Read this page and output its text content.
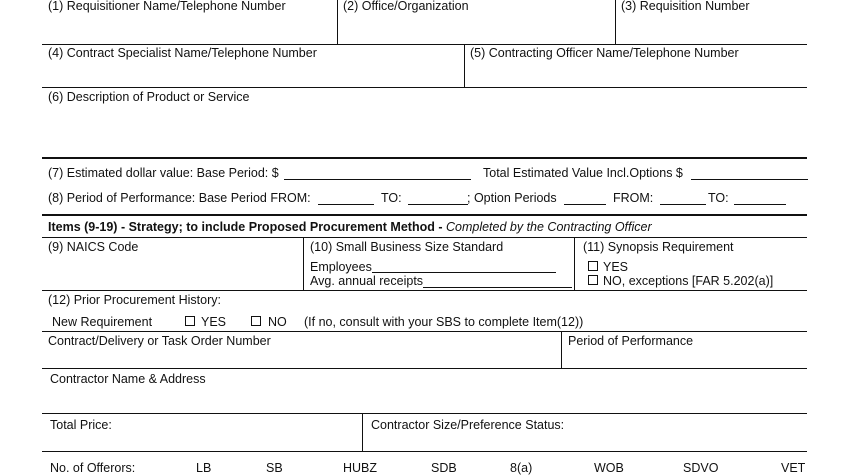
(1) Requisitioner Name/Telephone Number	(2) Office/Organization	(3) Requisition Number
(4) Contract Specialist Name/Telephone Number	(5) Contracting Officer Name/Telephone Number
(6) Description of Product or Service
(7) Estimated dollar value: Base Period: $	Total Estimated Value Incl.Options $
(8) Period of Performance: Base Period FROM:	TO:	; Option Periods	FROM:	TO:
Items (9-19) - Strategy; to include Proposed Procurement Method - Completed by the Contracting Officer
(9) NAICS Code	(10) Small Business Size Standard
Employees
Avg. annual receipts
(11) Synopsis Requirement
YES
NO, exceptions [FAR 5.202(a)]
(12) Prior Procurement History:
New Requirement	YES	NO (If no, consult with your SBS to complete Item(12))
Contract/Delivery or Task Order Number	Period of Performance
Contractor Name & Address
Total Price:	Contractor Size/Preference Status:
No. of Offerors:	LB	SB	HUBZ	SDB	8(a)	WOB	SDVO	VET
